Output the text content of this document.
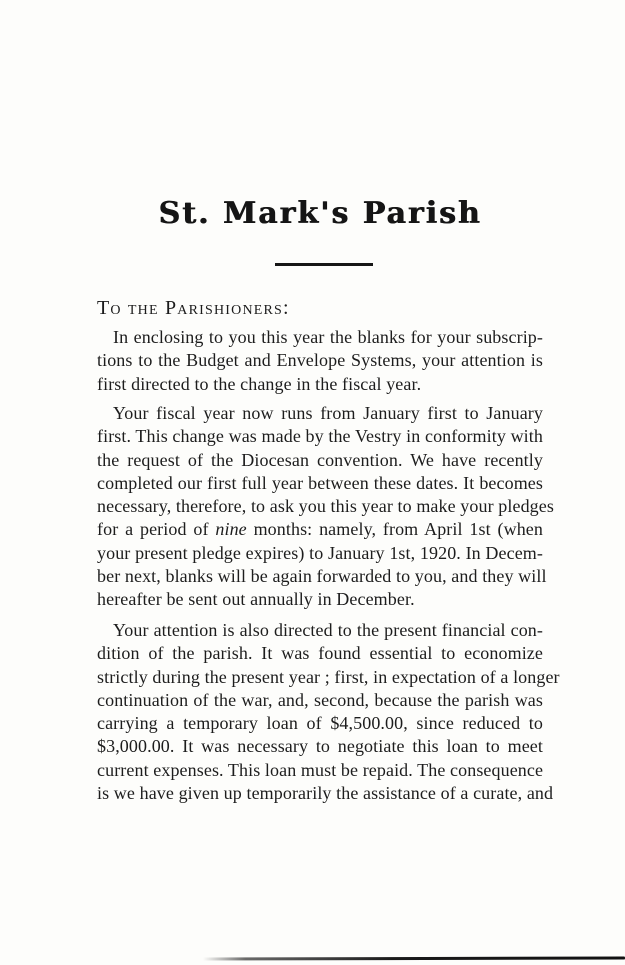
St. Mark's Parish

To the Parishioners:

In enclosing to you this year the blanks for your subscrip-
tions to the Budget and Envelope Systems, your attention is
first directed to the change in the fiscal year.
Your fiscal year now runs from January first to January
first. This change was made by the Vestry in conformity with
the request of the Diocesan convention. We have recently
completed our first full year between these dates. It becomes
necessary, therefore, to ask you this year to make your pledges
for a period of nine months: namely, from April 1st (when
your present pledge expires) to January 1st, 1920. In Decem-
ber next, blanks will be again forwarded to you, and they will
hereafter be sent out annually in December.
Your attention is also directed to the present financial con-
dition of the parish. It was found essential to economize
strictly during the present year ; first, in expectation of a longer
continuation of the war, and, second, because the parish was
carrying a temporary loan of $4,500.00, since reduced to
$3,000.00. It was necessary to negotiate this loan to meet
current expenses. This loan must be repaid. The consequence
is we have given up temporarily the assistance of a curate, and
